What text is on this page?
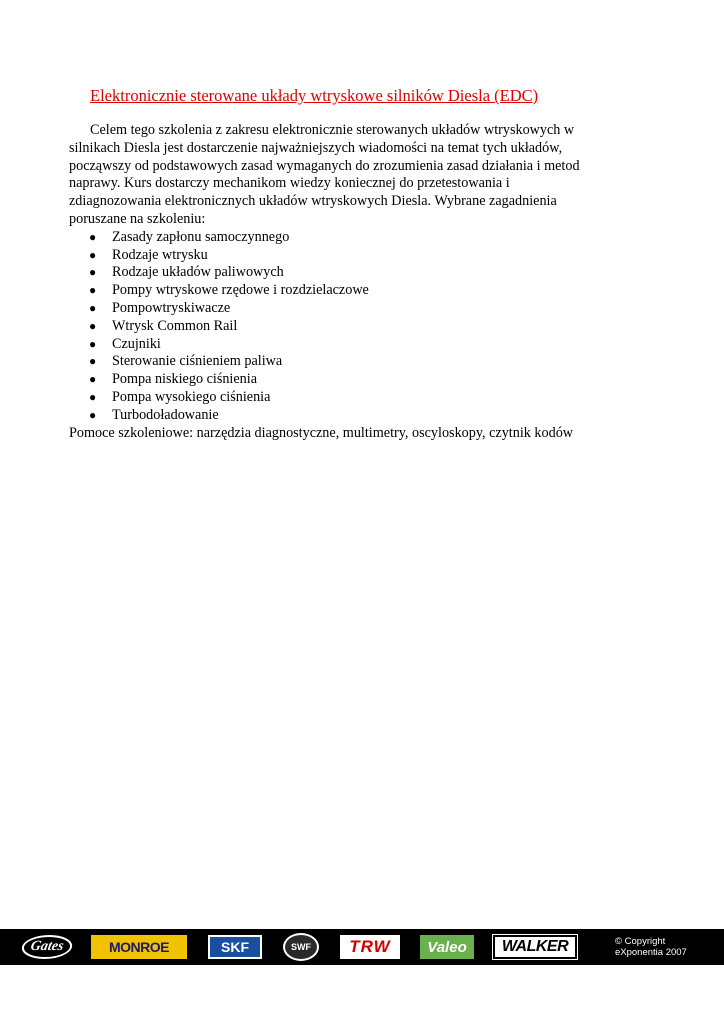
Elektronicznie sterowane układy wtryskowe silników Diesla (EDC)

Celem tego szkolenia z zakresu elektronicznie sterowanych układów wtryskowych w silnikach Diesla jest dostarczenie najważniejszych wiadomości na temat tych układów, począwszy od podstawowych zasad wymaganych do zrozumienia zasad działania i metod naprawy. Kurs dostarczy mechanikom wiedzy koniecznej do przetestowania i zdiagnozowania elektronicznych układów wtryskowych Diesla. Wybrane zagadnienia poruszane na szkoleniu:

● Zasady zapłonu samoczynnego
● Rodzaje wtrysku
● Rodzaje układów paliwowych
● Pompy wtryskowe rzędowe i rozdzielaczowe
● Pompowtryskiwacze
● Wtrysk Common Rail
● Czujniki
● Sterowanie ciśnieniem paliwa
● Pompa niskiego ciśnienia
● Pompa wysokiego ciśnienia
● Turbodoładowanie

Pomoce szkoleniowe: narzędzia diagnostyczne, multimetry, oscyloskopy, czytnik kodów

Gates	MONROE	SKF	SWF	TRW	Valeo	WALKER	© Copyright
eXponentia 2007
